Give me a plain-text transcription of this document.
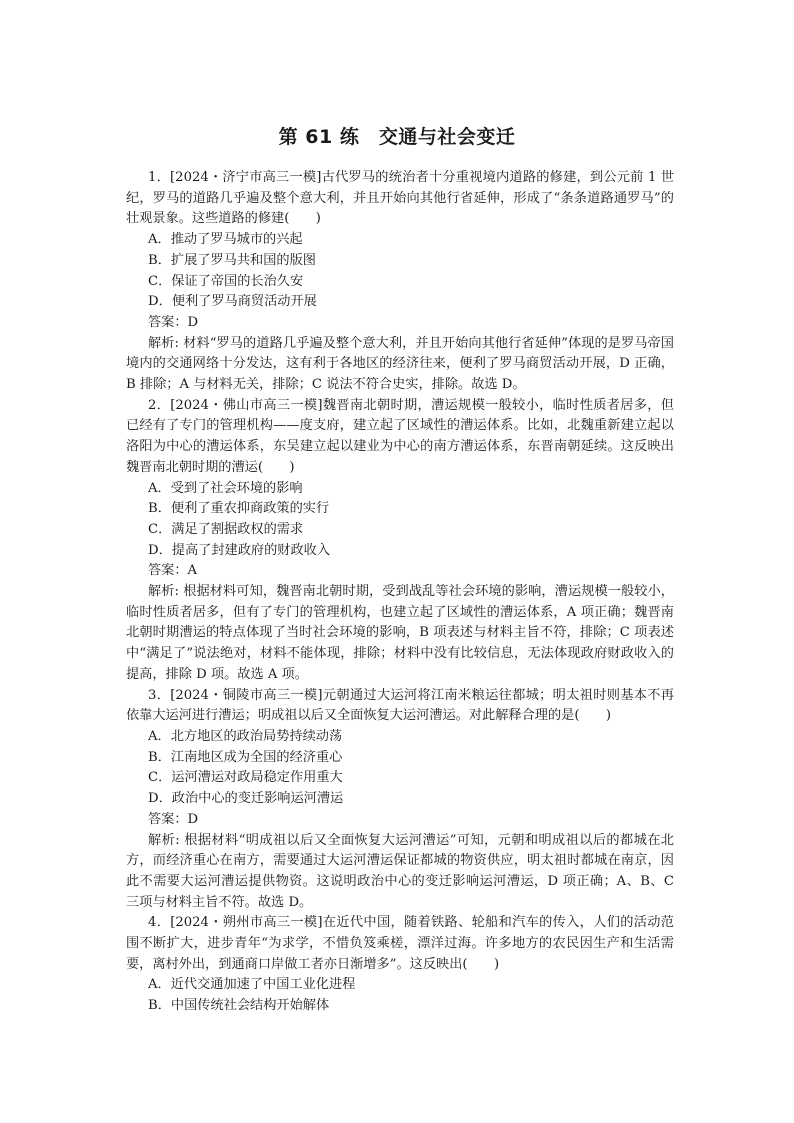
第 61 练　交通与社会变迁

1．[2024・济宁市高三一模]古代罗马的统治者十分重视境内道路的修建，到公元前 1 世纪，罗马的道路几乎遍及整个意大利，并且开始向其他行省延伸，形成了“条条道路通罗马”的壮观景象。这些道路的修建(　　)

A．推动了罗马城市的兴起

B．扩展了罗马共和国的版图

C．保证了帝国的长治久安

D．便利了罗马商贸活动开展

答案：D

解析: 材料“罗马的道路几乎遍及整个意大利，并且开始向其他行省延伸”体现的是罗马帝国境内的交通网络十分发达，这有利于各地区的经济往来，便利了罗马商贸活动开展，D 正确，B 排除；A 与材料无关，排除；C 说法不符合史实，排除。故选 D。

2．[2024・佛山市高三一模]魏晋南北朝时期，漕运规模一般较小，临时性质者居多，但已经有了专门的管理机构——度支府，建立起了区域性的漕运体系。比如，北魏重新建立起以洛阳为中心的漕运体系，东吴建立起以建业为中心的南方漕运体系，东晋南朝延续。这反映出魏晋南北朝时期的漕运(　　)

A．受到了社会环境的影响

B．便利了重农抑商政策的实行

C．满足了割据政权的需求

D．提高了封建政府的财政收入

答案：A

解析: 根据材料可知，魏晋南北朝时期，受到战乱等社会环境的影响，漕运规模一般较小，临时性质者居多，但有了专门的管理机构，也建立起了区域性的漕运体系，A 项正确；魏晋南北朝时期漕运的特点体现了当时社会环境的影响，B 项表述与材料主旨不符，排除；C 项表述中“满足了”说法绝对，材料不能体现，排除；材料中没有比较信息，无法体现政府财政收入的提高，排除 D 项。故选 A 项。

3．[2024・铜陵市高三一模]元朝通过大运河将江南米粮运往都城；明太祖时则基本不再依靠大运河进行漕运；明成祖以后又全面恢复大运河漕运。对此解释合理的是(　　)

A．北方地区的政治局势持续动荡

B．江南地区成为全国的经济重心

C．运河漕运对政局稳定作用重大

D．政治中心的变迁影响运河漕运

答案：D

解析: 根据材料“明成祖以后又全面恢复大运河漕运”可知，元朝和明成祖以后的都城在北方，而经济重心在南方，需要通过大运河漕运保证都城的物资供应，明太祖时都城在南京，因此不需要大运河漕运提供物资。这说明政治中心的变迁影响运河漕运，D 项正确；A、B、C 三项与材料主旨不符。故选 D。

4．[2024・朔州市高三一模]在近代中国，随着铁路、轮船和汽车的传入，人们的活动范围不断扩大，进步青年“为求学，不惜负笈乘槎，漂洋过海。许多地方的农民因生产和生活需要，离村外出，到通商口岸做工者亦日渐增多”。这反映出(　　)

A．近代交通加速了中国工业化进程

B．中国传统社会结构开始解体
